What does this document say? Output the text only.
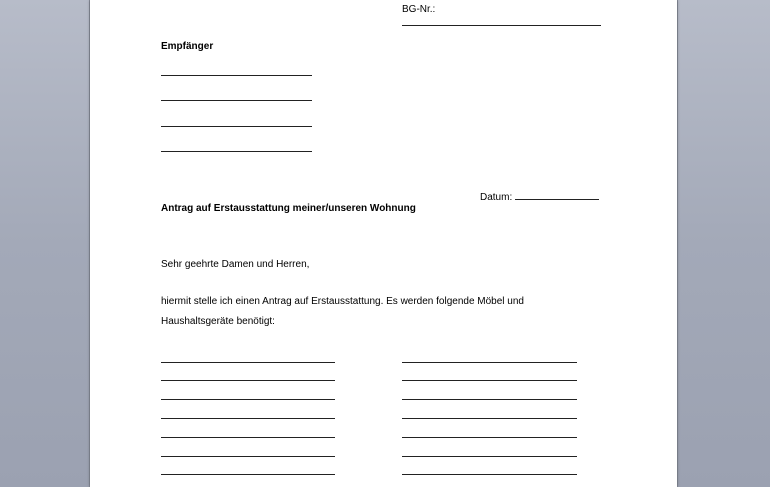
BG-Nr.:
Empfänger
Datum:
Antrag auf Erstausstattung meiner/unseren Wohnung
Sehr geehrte Damen und Herren,
hiermit stelle ich einen Antrag auf Erstausstattung. Es werden folgende Möbel und
Haushaltsgeräte benötigt:
